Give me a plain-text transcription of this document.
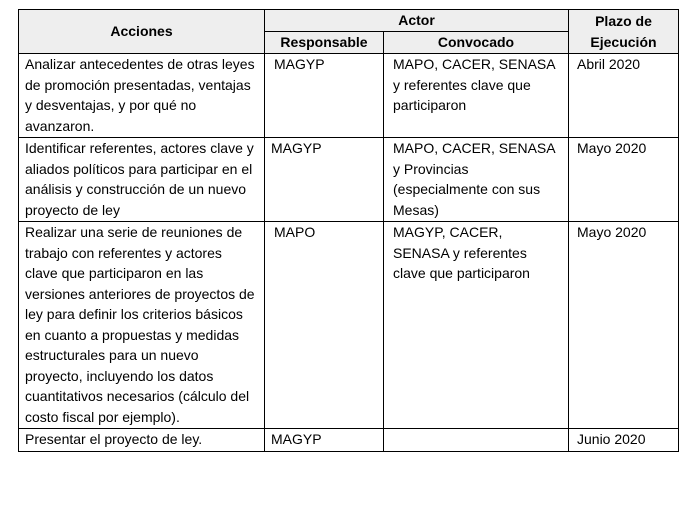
Acciones	Actor		Plazo de Ejecución
	Responsable	Convocado	
Analizar antecedentes de otras leyes de promoción presentadas, ventajas y desventajas, y por qué no avanzaron.	MAGYP	MAPO, CACER, SENASA y referentes clave que participaron	Abril 2020
Identificar referentes, actores clave y aliados políticos para participar en el análisis y construcción de un nuevo proyecto de ley	MAGYP	MAPO, CACER, SENASA y Provincias (especialmente con sus Mesas)	Mayo 2020
Realizar una serie de reuniones de trabajo con referentes y actores clave que participaron en las versiones anteriores de proyectos de ley para definir los criterios básicos en cuanto a propuestas y medidas estructurales para un nuevo proyecto, incluyendo los datos cuantitativos necesarios (cálculo del costo fiscal por ejemplo).	MAPO	MAGYP, CACER, SENASA y referentes clave que participaron	Mayo 2020
Presentar el proyecto de ley.	MAGYP		Junio 2020
